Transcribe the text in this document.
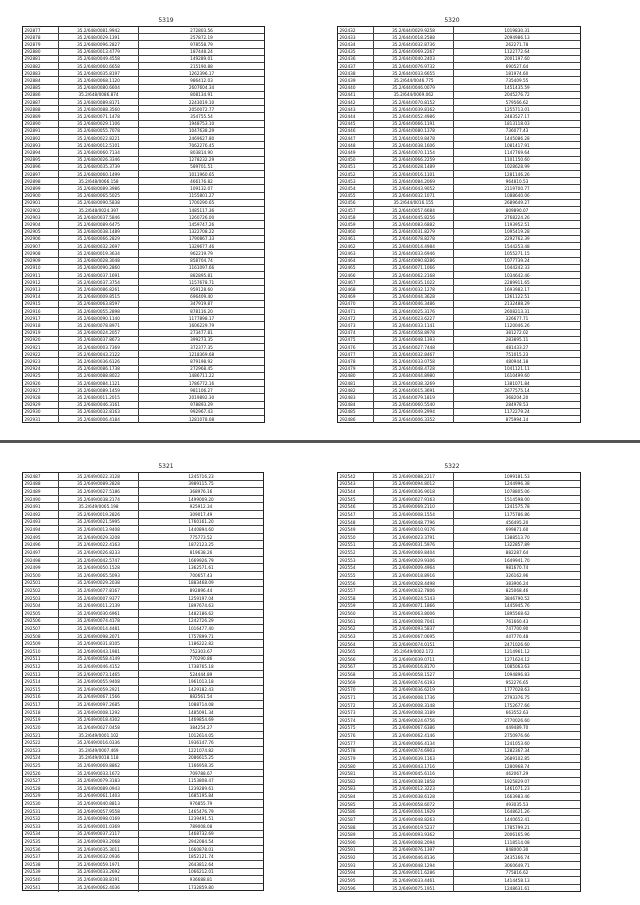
5319
292877	35.2/648/0081.9942	272803.56
292878	35.2/648/0029.1391	257872.19
292879	35.2/648/0096.2827	978558.79
292880	35.2/648/0013.4779	187448.24
292881	35.2/648/0049.4558	149289.01
292882	35.2/648/0060.6658	215190.88
292883	35.2/648/0035.8197	1262396.17
292884	35.2/648/0068.1120	986412.03
292885	35.2/648/0080.6604	2607604.34
292886	35.2/648/0086.874	808134.91
292887	35.2/648/0089.8171	2243019.10
292888	35.2/648/0088.3560	2050072.77
292889	35.2/648/0071.1478	354755.54
292890	35.2/648/0029.1106	1948753.10
292891	35.2/648/0055.7078	1047638.29
292892	35.2/648/0022.8221	2469627.80
292893	35.2/648/0012.5101	7062276.45
292894	35.2/648/0060.7134	803814.90
292895	35.2/648/0026.3346	1278232.29
292896	35.2/648/0035.3739	589701.51
292897	35.2/648/0060.1499	1011960.65
292898	35.2/648/0066.158	466176.82
292899	35.2/648/0089.3986	109132.07
292900	35.2/648/0065.5025	1155801.27
292901	35.2/648/0090.5838	1700290.65
292902	35.2/648/0024.397	1485117.36
292903	35.2/648/0037.5846	1260726.00
292904	35.2/648/0089.6475	1459747.26
292905	35.2/648/0038.1489	1322708.22
292906	35.2/648/0066.2829	1790867.33
292907	35.2/648/0032.2697	1329677.46
292908	35.2/648/0019.3634	962219.79
292909	35.2/648/0028.3048	858704.74
292910	35.2/648/0090.2860	1161097.66
292911	35.2/648/0037.1691	882895.81
292912	35.2/648/0037.3754	1157678.71
292913	35.2/648/0086.8261	959128.60
292914	35.2/648/0009.8515	696409.40
292915	35.2/648/0063.8597	347919.87
292916	35.2/648/0055.2898	878116.20
292917	35.2/648/0090.1140	1177898.17
292918	35.2/648/0078.8971	1606229.79
292919	35.2/648/0024.2057	273477.81
292920	35.2/648/0037.8673	399273.35
292921	35.2/648/0003.7369	372377.35
292922	35.2/648/0043.2122	1218369.68
292923	35.2/648/0036.6126	879198.92
292924	35.2/648/0086.1738	272968.45
292925	35.2/648/0088.8022	1486711.22
292926	35.2/648/0084.1121	1786772.16
292927	35.2/648/0089.1459	981106.27
292928	35.2/648/0011.2015	2019892.30
292929	35.2/648/0046.3161	978893.29
292930	35.2/648/0032.8163	992967.43
292931	35.2/648/0006.4184	1281078.08
5320
292432	35.2/644/0029.9258	1019830.31
292433	35.2/644/0018.2588	2094986.13
292434	35.2/644/0032.8736	262271.78
292435	35.2/644/0069.2267	1122772.64
292436	35.2/644/0040.2403	2001197.60
292437	35.2/644/0076.9732	690527.64
292438	35.2/644/0033.6655	181974.60
292439	35.2/644/0046.775	735409.55
292440	35.2/644/0046.0079	1451435.59
292441	35.2/644/0069.062	2045276.72
292442	35.2/644/0070.8152	579566.62
292443	35.2/644/0039.8162	1255713.01
292444	35.2/644/0052.4986	2483527.17
292445	35.2/644/0066.1191	1813118.03
292446	35.2/644/0080.1378	736077.43
292447	35.2/644/0019.8478	1445086.28
292448	35.2/644/0038.1606	1081417.91
292449	35.2/644/0070.1154	1147769.64
292450	35.2/644/0066.2259	1101150.60
292451	35.2/644/0028.1489	1028628.99
292452	35.2/644/0016.1101	1281146.26
292453	35.2/644/0084.2069	964810.53
292454	35.2/644/0043.9052	2119700.77
292455	35.2/644/0032.1071	1088640.06
292456	35.2/644/0016.155	2689649.27
292457	35.2/644/0057.6684	809890.07
292458	35.2/644/0045.8256	2768224.26
292459	35.2/644/0083.6882	1193952.51
292460	35.2/644/0031.8279	1095419.28
292461	35.2/644/0078.8278	2292762.39
292462	35.2/644/0014.4984	1544253.48
292463	35.2/644/0033.6946	1055271.15
292464	35.2/644/0090.8286	1077739.24
292465	35.2/644/0071.1066	1044242.33
292466	35.2/644/0062.2168	1034642.46
292467	35.2/644/0035.1022	2289911.65
292468	35.2/644/0032.1278	1693982.17
292469	35.2/644/0044.3628	1261122.51
292470	35.2/644/0046.3486	2132488.29
292471	35.2/644/0025.3176	2608213.31
292472	35.2/644/0023.6227	326677.71
292473	35.2/644/0033.1141	1120046.26
292474	35.2/644/0058.8978	381272.02
292475	35.2/644/0048.1393	283895.11
292476	35.2/644/0027.7448	481433.27
292477	35.2/644/0032.8467	751015.23
292478	35.2/644/0033.0758	480944.18
292479	35.2/644/0048.4728	1041121.11
292480	35.2/644/0044.8980	1610499.60
292481	35.2/644/0038.3269	1381071.84
292482	35.2/644/0015.3691	2677575.14
292483	35.2/644/0079.1819	368204.20
292484	35.2/644/0060.5540	284978.53
292485	35.2/644/0049.2994	1172279.24
292486	35.2/644/0006.3352	875994.14
5321
292487	35.2/649/0022.3128	1245716.23
292488	35.2/649/0089.2828	3989115.75
292489	35.2/649/0027.5186	368976.16
292490	35.2/649/0038.2174	1499009.20
292491	35.2/649/0065.198	925912.34
292492	35.2/649/0019.2826	309017.49
292493	35.2/649/0021.5995	1760161.20
292494	35.2/649/0013.9408	1440894.60
292495	35.2/649/0029.3208	775773.52
292496	35.2/649/0022.4163	1872123.25
292497	35.2/649/0026.8233	819638.26
292498	35.2/649/0042.5747	1669926.79
292499	35.2/649/0050.1528	1362571.61
292500	35.2/649/0065.5093	700657.43
292501	35.2/649/0029.2038	1883468.09
292502	35.2/649/0077.8167	892896.44
292503	35.2/649/0007.9377	1259197.04
292504	35.2/649/0011.2139	1897674.63
292505	35.2/649/0030.6961	1482186.62
292506	35.2/649/0074.4178	1242726.29
292507	35.2/649/0014.4481	1016477.40
292508	35.2/649/0098.2071	1757899.71
292509	35.2/649/0031.8105	1186222.82
292510	35.2/649/0043.1981	752303.67
292511	35.2/649/0058.4149	770290.86
292512	35.2/649/0046.4152	1738765.18
292513	35.2/649/0073.1465	524444.89
292514	35.2/649/0055.9408	1961013.18
292515	35.2/649/0059.2921	1429182.43
292516	35.2/649/0067.1566	882561.54
292517	35.2/649/0097.2685	1088714.08
292518	35.2/649/0008.1292	1485091.34
292519	35.2/649/0018.4302	1469854.69
292520	35.2/649/0027.0458	384254.27
292521	35.2/649/0001.102	1012614.05
292522	35.2/649/0016.0336	1936147.76
292523	35.2/649/0007.469	1221074.82
292524	35.2/649/0018.118	2086615.25
292525	35.2/649/0069.8862	1166958.35
292526	35.2/649/0033.1672	709788.67
292527	35.2/649/0079.3183	1153808.47
292528	35.2/649/0089.0943	1239289.61
292529	35.2/649/0061.1403	1685195.84
292530	35.2/649/0040.8813	976855.79
292531	35.2/649/0057.9558	1465476.79
292532	35.2/649/0098.0169	1239491.51
292533	35.2/649/0001.0369	789008.08
292534	35.2/649/0037.2117	1468732.69
292535	35.2/649/0093.2068	2942084.54
292536	35.2/649/0035.3011	1660878.01
292537	35.2/649/0032.0936	1852121.74
292538	35.2/649/0059.1971	2643812.64
292539	35.2/649/0033.2692	1066212.01
292540	35.2/649/0038.8191	936688.81
292541	35.2/649/0062.4036	1732859.80
5322
292542	35.2/649/0088.2217	1099181.53
292543	35.2/649/0094.8012	1244996.38
292544	35.2/649/0036.9018	1078805.06
292545	35.2/649/0027.9163	1514598.00
292546	35.2/649/0069.2110	1241575.78
292547	35.2/649/0008.1554	1175786.86
292548	35.2/649/0048.7796	456495.20
292549	35.2/649/0010.9176	699871.60
292550	35.2/649/0023.3791	1388513.70
292551	35.2/649/0031.5976	1322857.89
292552	35.2/649/0069.8404	882287.64
292553	35.2/649/0029.9306	1649941.70
292554	35.2/649/0009.4964	981670.74
292555	35.2/649/0018.8916	326162.96
292556	35.2/649/0028.4498	383906.24
292557	35.2/649/0032.7806	825068.46
292558	35.2/649/0024.5143	3846790.52
292559	35.2/649/0071.1866	1445945.76
292560	35.2/649/0063.8006	1895568.62
292561	35.2/649/0008.7041	761660.43
292562	35.2/649/0093.5837	747700.90
292563	35.2/649/0067.0695	447770.48
292564	35.2/649/0074.0151	2471026.60
292565	35.2/649/0002.172	1214961.12
292566	35.2/649/0039.0711	1271624.12
292567	35.2/649/0016.8170	1085063.63
292568	35.2/649/0058.1527	1094896.83
292569	35.2/649/0074.6193	952276.65
292570	35.2/649/0036.6219	1777028.63
292571	35.2/649/0008.1736	2793376.75
292572	35.2/649/0008.3148	1752677.66
292573	35.2/649/0008.3189	663552.63
292574	35.2/649/0024.6756	2770026.60
292575	35.2/649/0067.6386	449489.70
292576	35.2/649/0062.4146	2750976.66
292577	35.2/649/0066.4134	1241053.60
292578	35.2/649/0074.6903	1282367.34
292579	35.2/649/0039.1163	2689102.85
292580	35.2/649/0043.1716	1280968.74
292581	35.2/649/0045.6116	462067.29
292582	35.2/649/0038.1858	1925829.07
292583	35.2/649/0012.3223	1461071.23
292584	35.2/649/0038.6128	1663983.46
292585	35.2/649/0058.6072	493035.53
292586	35.2/649/0004.1929	1648621.26
292587	35.2/649/0048.8263	1440652.41
292588	35.2/649/0019.5237	1785799.21
292589	35.2/649/0093.9362	2006165.96
292590	35.2/649/0008.2094	1118514.08
292591	35.2/649/0076.1397	848000.30
292592	35.2/649/0046.8136	2435166.74
292593	35.2/649/0048.1294	3060649.71
292594	35.2/649/0011.6286	775816.62
292595	35.2/649/0033.4461	1414458.13
292596	35.2/649/0075.1951	1248631.61
